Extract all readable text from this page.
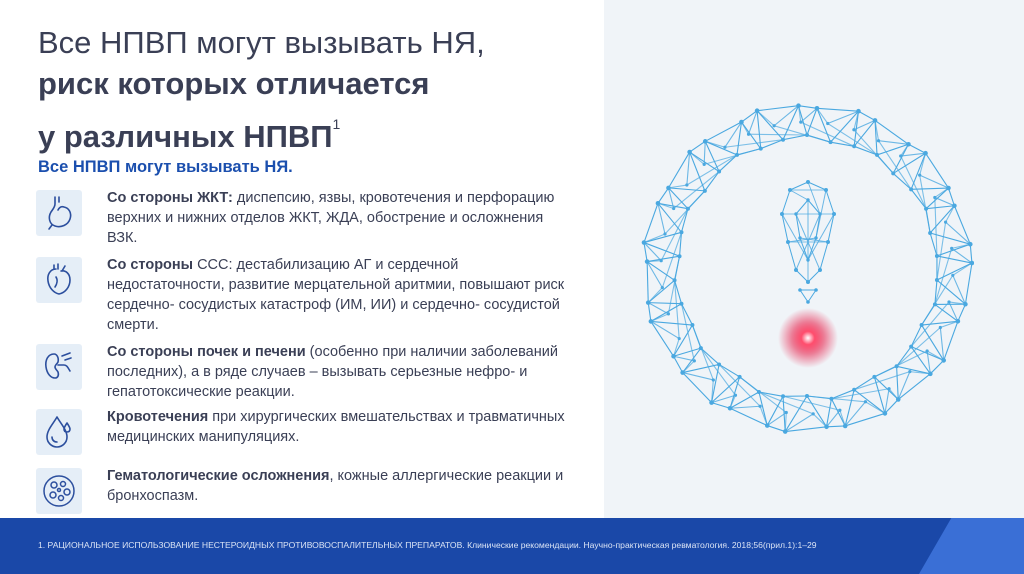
Все НПВП могут вызывать НЯ,
риск которых отличается
у различных НПВП$^1$
Все НПВП могут вызывать НЯ.
Со стороны ЖКТ: диспепсию, язвы, кровотечения и перфорацию верхних и нижних отделов ЖКТ, ЖДА, обострение и осложнения ВЗК.
Со стороны ССС: дестабилизацию АГ и сердечной недостаточности, развитие мерцательной аритмии, повышают риск сердечно- сосудистых катастроф (ИМ, ИИ) и сердечно- сосудистой смерти.
Со стороны почек и печени (особенно при наличии заболеваний последних), а в ряде случаев – вызывать серьезные нефро- и гепатотоксические реакции.
Кровотечения при хирургических вмешательствах и травматичных медицинских манипуляциях.
Гематологические осложнения, кожные аллергические реакции и бронхоспазм.
1. РАЦИОНАЛЬНОЕ ИСПОЛЬЗОВАНИЕ НЕСТЕРОИДНЫХ ПРОТИВОВОСПАЛИТЕЛЬНЫХ ПРЕПАРАТОВ. Клинические рекомендации. Научно-практическая ревматология. 2018;56(прил.1):1–29
